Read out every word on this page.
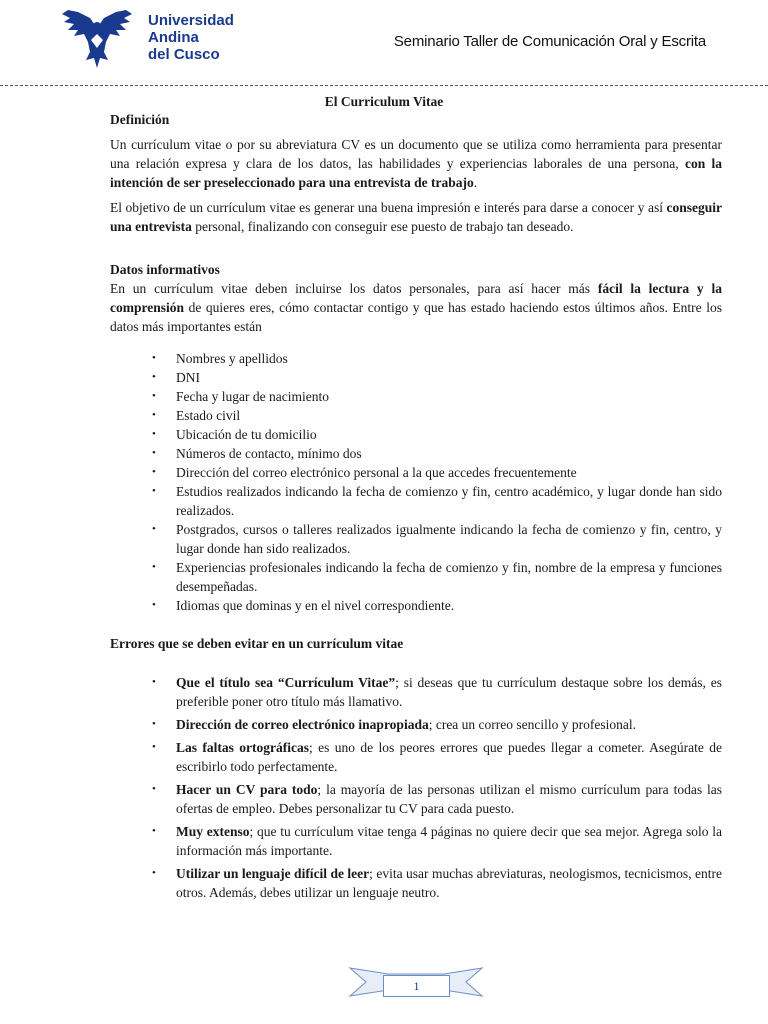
Universidad
Andina
del Cusco
Seminario Taller de Comunicación Oral y Escrita
El Curriculum Vitae
Definición

Un currículum vitae o por su abreviatura CV es un documento que se utiliza como herramienta para presentar una relación expresa y clara de los datos, las habilidades y experiencias laborales de una persona, con la intención de ser preseleccionado para una entrevista de trabajo.

El objetivo de un currículum vitae es generar una buena impresión e interés para darse a conocer y así conseguir una entrevista personal, finalizando con conseguir ese puesto de trabajo tan deseado.

Datos informativos

En un currículum vitae deben incluirse los datos personales, para así hacer más fácil la lectura y la comprensión de quieres eres, cómo contactar contigo y que has estado haciendo estos últimos años. Entre los datos más importantes están

• Nombres y apellidos
• DNI
• Fecha y lugar de nacimiento
• Estado civil
• Ubicación de tu domicilio
• Números de contacto, mínimo dos
• Dirección del correo electrónico personal a la que accedes frecuentemente
• Estudios realizados indicando la fecha de comienzo y fin, centro académico, y lugar donde han sido realizados.
• Postgrados, cursos o talleres realizados igualmente indicando la fecha de comienzo y fin, centro, y lugar donde han sido realizados.
• Experiencias profesionales indicando la fecha de comienzo y fin, nombre de la empresa y funciones desempeñadas.
• Idiomas que dominas y en el nivel correspondiente.
Errores que se deben evitar en un currículum vitae
• Que el título sea “Currículum Vitae”; si deseas que tu currículum destaque sobre los demás, es preferible poner otro título más llamativo.
• Dirección de correo electrónico inapropiada; crea un correo sencillo y profesional.
• Las faltas ortográficas; es uno de los peores errores que puedes llegar a cometer. Asegúrate de escribirlo todo perfectamente.
• Hacer un CV para todo; la mayoría de las personas utilizan el mismo currículum para todas las ofertas de empleo. Debes personalizar tu CV para cada puesto.
• Muy extenso; que tu currículum vitae tenga 4 páginas no quiere decir que sea mejor. Agrega solo la información más importante.
• Utilizar un lenguaje difícil de leer; evita usar muchas abreviaturas, neologismos, tecnicismos, entre otros. Además, debes utilizar un lenguaje neutro.
1
